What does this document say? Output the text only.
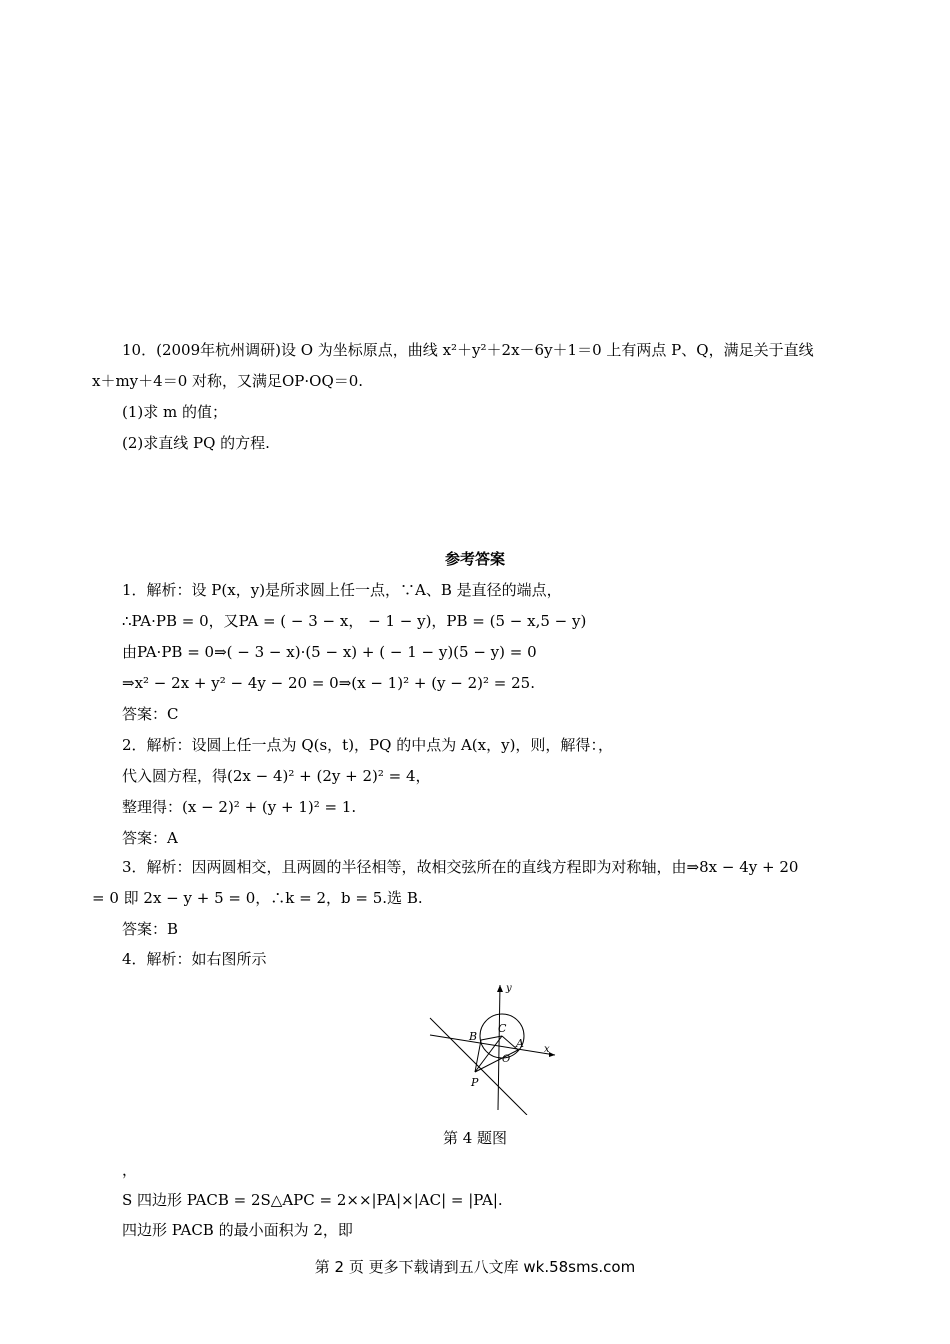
10．(2009年杭州调研)设 O 为坐标原点，曲线 x²＋y²＋2x－6y＋1＝0 上有两点 P、Q，满足关于直线
x＋my＋4＝0 对称，又满足OP·OQ＝0.
(1)求 m 的值；
(2)求直线 PQ 的方程.
参考答案
1．解析：设 P(x，y)是所求圆上任一点，∵A、B 是直径的端点，
∴PA·PB = 0，又PA = ( − 3 − x， − 1 − y)，PB = (5 − x,5 − y)
由PA·PB = 0⇒( − 3 − x)·(5 − x) + ( − 1 − y)(5 − y) = 0
⇒x² − 2x + y² − 4y − 20 = 0⇒(x − 1)² + (y − 2)² = 25.
答案：C
2．解析：设圆上任一点为 Q(s，t)，PQ 的中点为 A(x，y)，则，解得：，
代入圆方程，得(2x − 4)² + (2y + 2)² = 4，
整理得：(x − 2)² + (y + 1)² = 1.
答案：A
3．解析：因两圆相交，且两圆的半径相等，故相交弦所在的直线方程即为对称轴，由⇒8x − 4y + 20
= 0 即 2x − y + 5 = 0，∴k = 2，b = 5.选 B.
答案：B
4．解析：如右图所示
y
x
B
C
A
O
P
第 4 题图
，
S 四边形 PACB = 2S△APC = 2××|PA|×|AC| = |PA|.
四边形 PACB 的最小面积为 2，即
第 2 页 更多下载请到五八文库 wk.58sms.com
